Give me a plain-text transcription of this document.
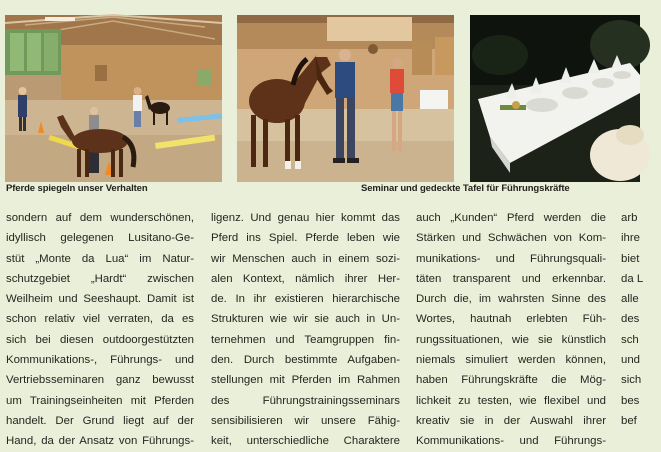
Pferde spiegeln unser Verhalten	Seminar und gedeckte Tafel für Führungskräfte
sondern auf dem wunderschönen,
idyllisch gelegenen Lusitano-Ge-
stüt „Monte da Lua“ im Natur-
schutzgebiet „Hardt“ zwischen
Weilheim und Seeshaupt. Damit ist
schon relativ viel verraten, da es
sich bei diesen outdoorgestützten
Kommunikations-, Führungs- und
Vertriebsseminaren ganz bewusst
um Trainingseinheiten mit Pferden
handelt. Der Grund liegt auf der
Hand, da der Ansatz von Führungs-
ligenz. Und genau hier kommt das
Pferd ins Spiel. Pferde leben wie
wir Menschen auch in einem sozi-
alen Kontext, nämlich ihrer Her-
de. In ihr existieren hierarchische
Strukturen wie wir sie auch in Un-
ternehmen und Teamgruppen fin-
den. Durch bestimmte Aufgaben-
stellungen mit Pferden im Rahmen
des Führungstrainingsseminars
sensibilisieren wir unsere Fähig-
keit, unterschiedliche Charaktere
auch „Kunden“ Pferd werden die
Stärken und Schwächen von Kom-
munikations- und Führungsquali-
täten transparent und erkennbar.
Durch die, im wahrsten Sinne des
Wortes, hautnah erlebten Füh-
rungssituationen, wie sie künstlich
niemals simuliert werden können,
haben Führungskräfte die Mög-
lichkeit zu testen, wie flexibel und
kreativ sie in der Auswahl ihrer
Kommunikations- und Führungs-
arb
ihre
biet
da L
alle
des
sch
und
sich
bes
bef
